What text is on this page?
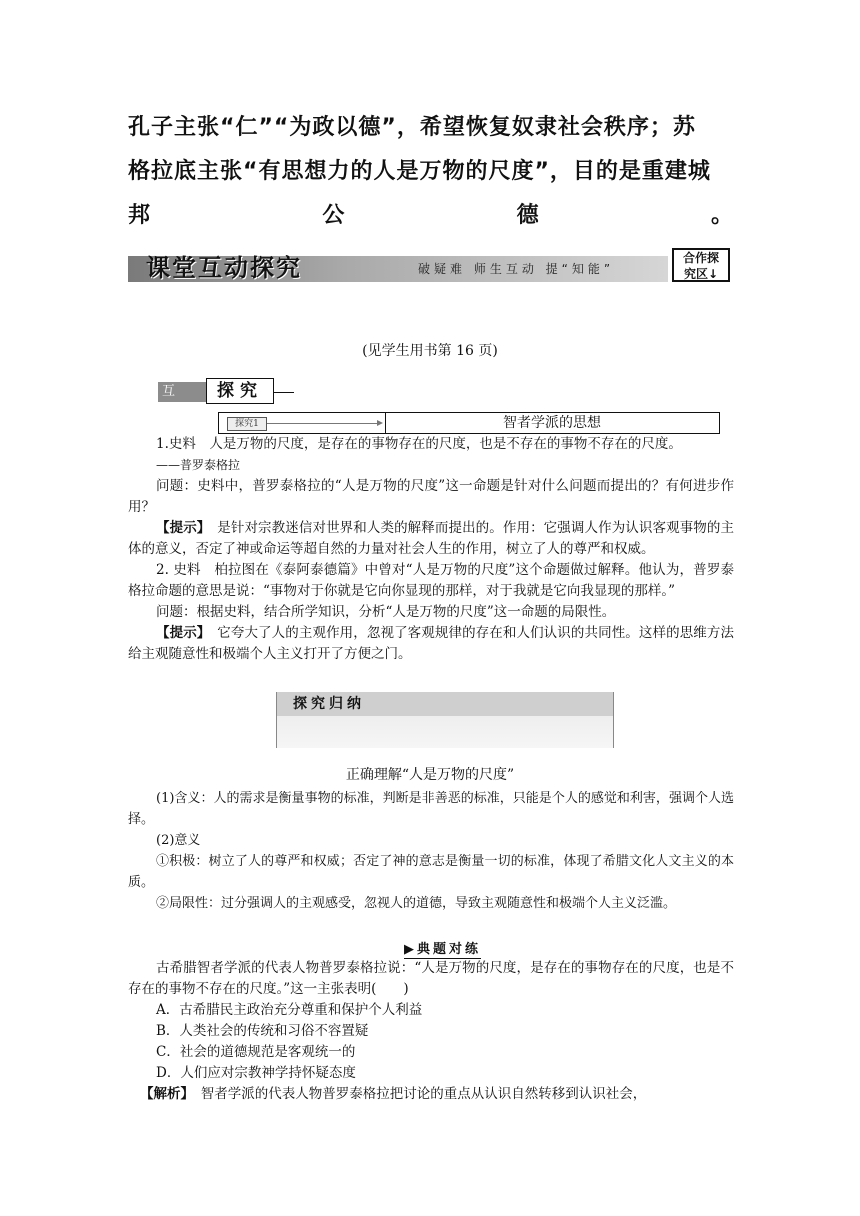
孔子主张“仁”“为政以德”，希望恢复奴隶社会秩序；苏
格拉底主张“有思想力的人是万物的尺度”，目的是重建城
邦	公	德	。
课堂互动探究	破疑难 师生互动 提“知能”
合作探
究区↓
(见学生用书第 16 页)
互 动
探究
探究1	智者学派的思想
1.史料　人是万物的尺度，是存在的事物存在的尺度，也是不存在的事物不存在的尺度。
——普罗泰格拉
问题：史料中，普罗泰格拉的“人是万物的尺度”这一命题是针对什么问题而提出的？有何进步作用？
【提示】　是针对宗教迷信对世界和人类的解释而提出的。作用：它强调人作为认识客观事物的主体的意义，否定了神或命运等超自然的力量对社会人生的作用，树立了人的尊严和权威。
2. 史料　柏拉图在《泰阿泰德篇》中曾对“人是万物的尺度”这个命题做过解释。他认为，普罗泰格拉命题的意思是说：“事物对于你就是它向你显现的那样，对于我就是它向我显现的那样。”
问题：根据史料，结合所学知识，分析“人是万物的尺度”这一命题的局限性。
【提示】　它夸大了人的主观作用，忽视了客观规律的存在和人们认识的共同性。这样的思维方法给主观随意性和极端个人主义打开了方便之门。
探究归纳
正确理解“人是万物的尺度”
(1)含义：人的需求是衡量事物的标准，判断是非善恶的标准，只能是个人的感觉和利害，强调个人选择。
(2)意义
①积极：树立了人的尊严和权威；否定了神的意志是衡量一切的标准，体现了希腊文化人文主义的本质。
②局限性：过分强调人的主观感受，忽视人的道德，导致主观随意性和极端个人主义泛滥。
▶典题对练
古希腊智者学派的代表人物普罗泰格拉说：“人是万物的尺度，是存在的事物存在的尺度，也是不存在的事物不存在的尺度。”这一主张表明(　　)
A．古希腊民主政治充分尊重和保护个人利益
B．人类社会的传统和习俗不容置疑
C．社会的道德规范是客观统一的
D．人们应对宗教神学持怀疑态度
【解析】　智者学派的代表人物普罗泰格拉把讨论的重点从认识自然转移到认识社会，
